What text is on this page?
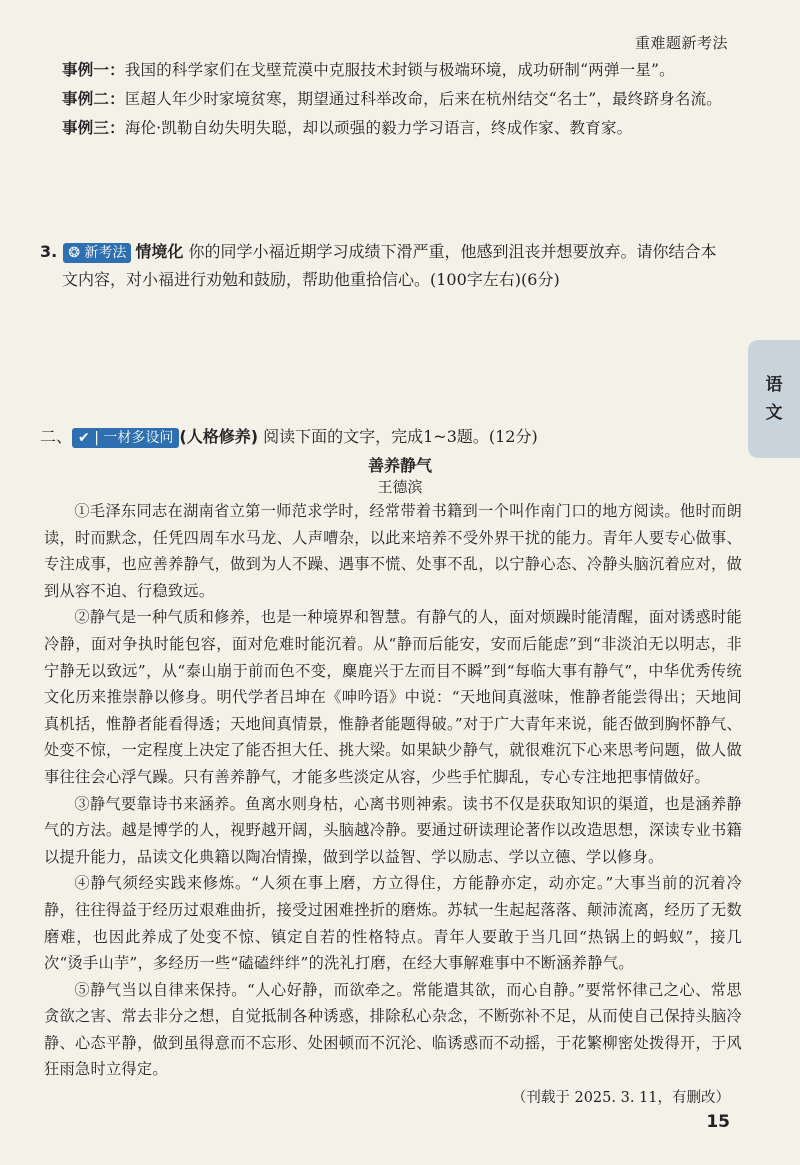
重难题新考法
事例一：我国的科学家们在戈壁荒漠中克服技术封锁与极端环境，成功研制“两弹一星”。
事例二：匡超人年少时家境贫寒，期望通过科举改命，后来在杭州结交“名士”，最终跻身名流。
事例三：海伦·凯勒自幼失明失聪，却以顽强的毅力学习语言，终成作家、教育家。
3. ❂ 新考法 情境化 你的同学小福近期学习成绩下滑严重，他感到沮丧并想要放弃。请你结合本
文内容，对小福进行劝勉和鼓励，帮助他重拾信心。(100字左右)(6分)
语
文
二、 ✔ | 一材多设问 (人格修养) 阅读下面的文字，完成1~3题。(12分)
善养静气
王德滨

①毛泽东同志在湖南省立第一师范求学时，经常带着书籍到一个叫作南门口的地方阅读。他时而朗读，时而默念，任凭四周车水马龙、人声嘈杂，以此来培养不受外界干扰的能力。青年人要专心做事、专注成事，也应善养静气，做到为人不躁、遇事不慌、处事不乱，以宁静心态、冷静头脑沉着应对，做到从容不迫、行稳致远。

②静气是一种气质和修养，也是一种境界和智慧。有静气的人，面对烦躁时能清醒，面对诱惑时能冷静，面对争执时能包容，面对危难时能沉着。从“静而后能安，安而后能虑”到“非淡泊无以明志，非宁静无以致远”，从“泰山崩于前而色不变，麋鹿兴于左而目不瞬”到“每临大事有静气”，中华优秀传统文化历来推崇静以修身。明代学者吕坤在《呻吟语》中说：“天地间真滋味，惟静者能尝得出；天地间真机括，惟静者能看得透；天地间真情景，惟静者能题得破。”对于广大青年来说，能否做到胸怀静气、处变不惊，一定程度上决定了能否担大任、挑大梁。如果缺少静气，就很难沉下心来思考问题，做人做事往往会心浮气躁。只有善养静气，才能多些淡定从容，少些手忙脚乱，专心专注地把事情做好。

③静气要靠诗书来涵养。鱼离水则身枯，心离书则神索。读书不仅是获取知识的渠道，也是涵养静气的方法。越是博学的人，视野越开阔，头脑越冷静。要通过研读理论著作以改造思想，深读专业书籍以提升能力，品读文化典籍以陶冶情操，做到学以益智、学以励志、学以立德、学以修身。

④静气须经实践来修炼。“人须在事上磨，方立得住，方能静亦定，动亦定。”大事当前的沉着冷静，往往得益于经历过艰难曲折，接受过困难挫折的磨炼。苏轼一生起起落落、颠沛流离，经历了无数磨难，也因此养成了处变不惊、镇定自若的性格特点。青年人要敢于当几回“热锅上的蚂蚁”，接几次“烫手山芋”，多经历一些“磕磕绊绊”的洗礼打磨，在经大事解难事中不断涵养静气。

⑤静气当以自律来保持。“人心好静，而欲牵之。常能遣其欲，而心自静。”要常怀律己之心、常思贪欲之害、常去非分之想，自觉抵制各种诱惑，排除私心杂念，不断弥补不足，从而使自己保持头脑冷静、心态平静，做到虽得意而不忘形、处困顿而不沉沦、临诱惑而不动摇，于花繁柳密处拨得开，于风狂雨急时立得定。

（刊载于 2025. 3. 11，有删改）
15
